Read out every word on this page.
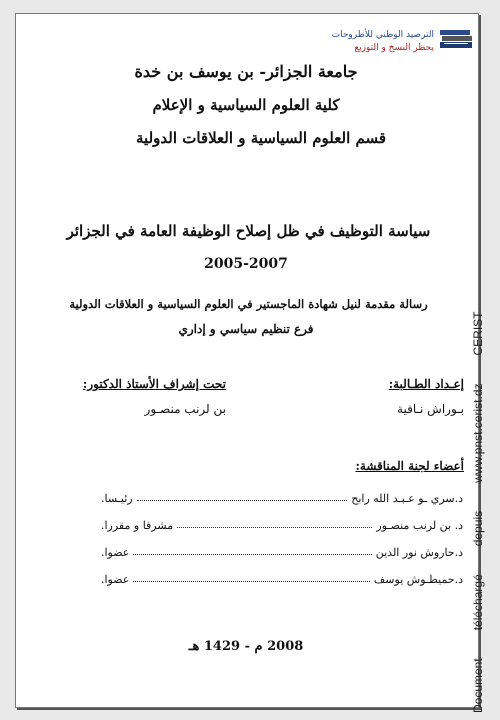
الترصيد الوطني للأطروحات
يحظر النسخ و التوزيع
جامعة الجزائر- بن يوسف بن خدة
كلية العلوم السياسية و الإعلام
قسم العلوم السياسية و العلاقات الدولية
سياسة التوظيف في ظل إصلاح الوظيفة العامة في الجزائر
2005-2007
رسالة مقدمة لنيل شهادة الماجستير في العلوم السياسية و العلاقات الدولية
فرع تنظيم سياسي و إداري
إعـداد الطـالبة:
بـوراش نـافية
تحت إشراف الأستاذ الدكتور:
بن لرنب منصـور
أعضاء لجنة المناقشة:
د.سري ـو عـبـد الله رابح
رئيـسا.
د. بن لرنب منصـور
مشرفا و مقررا.
د.حاروش نور الدين
عضوا.
د.حميطـوش يوسف
عضوا.
2008 م - 1429 هـ
Document
téléchargé
depuis
www.pnst.cerist.dz
CERIST
